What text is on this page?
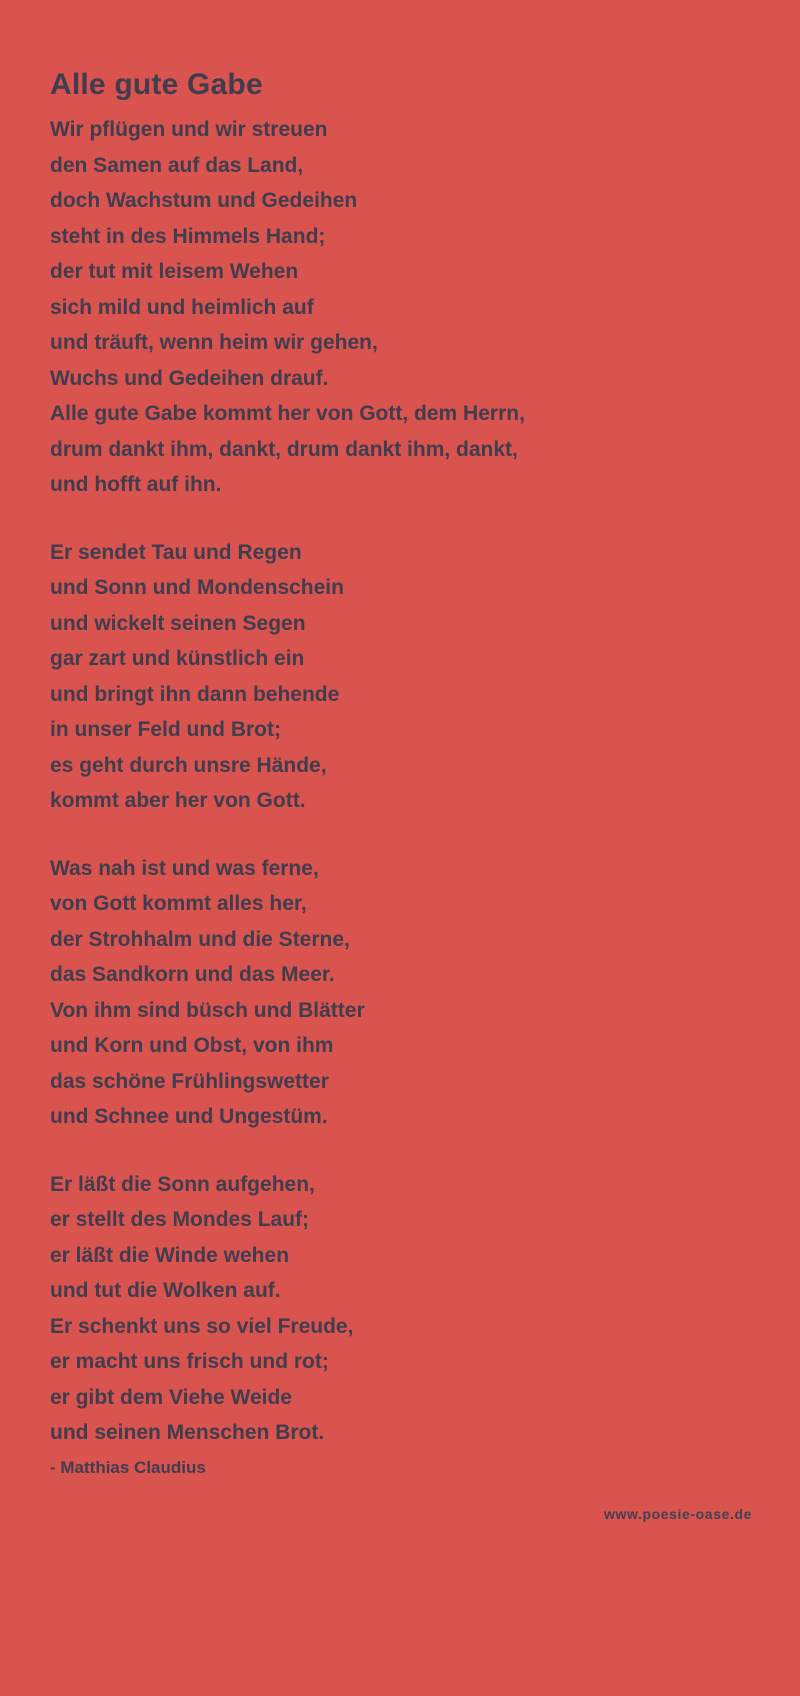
Alle gute Gabe
Wir pflügen und wir streuen
den Samen auf das Land,
doch Wachstum und Gedeihen
steht in des Himmels Hand;
der tut mit leisem Wehen
sich mild und heimlich auf
und träuft, wenn heim wir gehen,
Wuchs und Gedeihen drauf.
Alle gute Gabe kommt her von Gott, dem Herrn,
drum dankt ihm, dankt, drum dankt ihm, dankt,
und hofft auf ihn.
Er sendet Tau und Regen
und Sonn und Mondenschein
und wickelt seinen Segen
gar zart und künstlich ein
und bringt ihn dann behende
in unser Feld und Brot;
es geht durch unsre Hände,
kommt aber her von Gott.
Was nah ist und was ferne,
von Gott kommt alles her,
der Strohhalm und die Sterne,
das Sandkorn und das Meer.
Von ihm sind büsch und Blätter
und Korn und Obst, von ihm
das schöne Frühlingswetter
und Schnee und Ungestüm.
Er läßt die Sonn aufgehen,
er stellt des Mondes Lauf;
er läßt die Winde wehen
und tut die Wolken auf.
Er schenkt uns so viel Freude,
er macht uns frisch und rot;
er gibt dem Viehe Weide
und seinen Menschen Brot.
- Matthias Claudius
www.poesie-oase.de
